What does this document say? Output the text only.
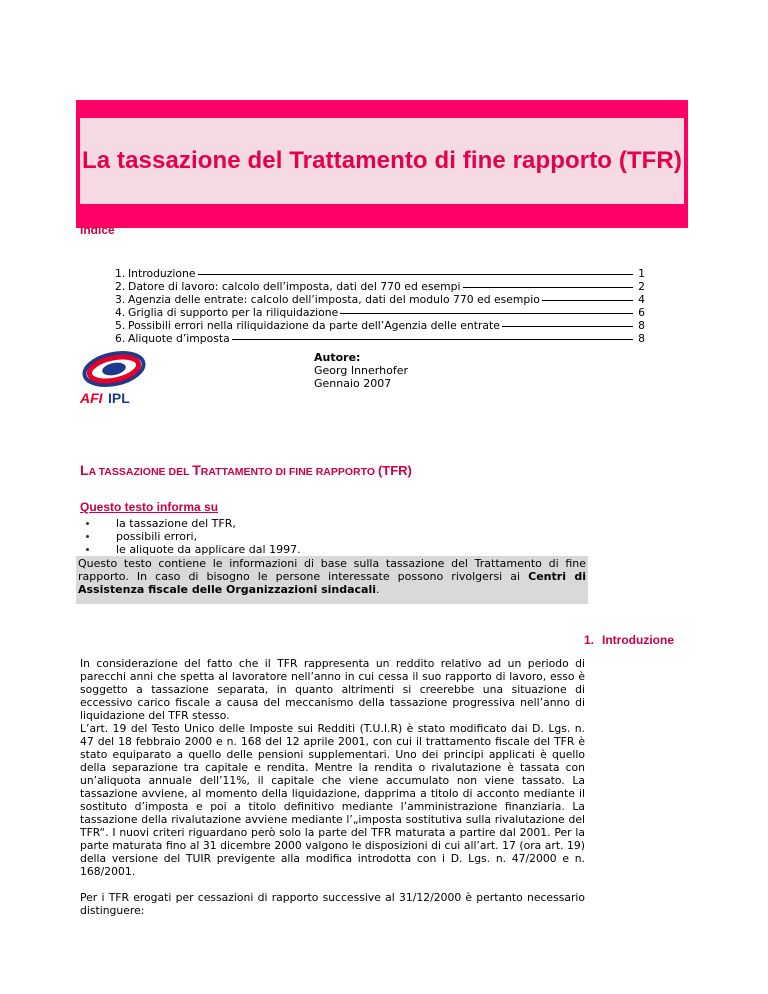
La tassazione del Trattamento di fine rapporto (TFR)
Indice
1. Introduzione	1
2. Datore di lavoro: calcolo dell’imposta, dati del 770 ed esempi	2
3. Agenzia delle entrate: calcolo dell’imposta, dati del modulo 770 ed esempio	4
4. Griglia di supporto per la riliquidazione	6
5. Possibili errori nella riliquidazione da parte dell’Agenzia delle entrate	8
6. Aliquote d’imposta	8
AFI IPL
Autore:
Georg Innerhofer
Gennaio 2007
LA TASSAZIONE DEL TRATTAMENTO DI FINE RAPPORTO (TFR)
Questo testo informa su
la tassazione del TFR,
possibili errori,
le aliquote da applicare dal 1997.
Questo testo contiene le informazioni di base sulla tassazione del Trattamento di fine rapporto. In caso di bisogno le persone interessate possono rivolgersi ai Centri di Assistenza fiscale delle Organizzazioni sindacali.
1. Introduzione

In considerazione del fatto che il TFR rappresenta un reddito relativo ad un periodo di parecchi anni che spetta al lavoratore nell’anno in cui cessa il suo rapporto di lavoro, esso è soggetto a tassazione separata, in quanto altrimenti si creerebbe una situazione di eccessivo carico fiscale a causa del meccanismo della tassazione progressiva nell’anno di liquidazione del TFR stesso.

L’art. 19 del Testo Unico delle Imposte sui Redditi (T.U.I.R) è stato modificato dai D. Lgs. n. 47 del 18 febbraio 2000 e n. 168 del 12 aprile 2001, con cui il trattamento fiscale del TFR è stato equiparato a quello delle pensioni supplementari. Uno dei principi applicati è quello della separazione tra capitale e rendita. Mentre la rendita o rivalutazione è tassata con un’aliquota annuale dell’11%, il capitale che viene accumulato non viene tassato. La tassazione avviene, al momento della liquidazione, dapprima a titolo di acconto mediante il sostituto d’imposta e poi a titolo definitivo mediante l’amministrazione finanziaria. La tassazione della rivalutazione avviene mediante l’„imposta sostitutiva sulla rivalutazione del TFR“. I nuovi criteri riguardano però solo la parte del TFR maturata a partire dal 2001. Per la parte maturata fino al 31 dicembre 2000 valgono le disposizioni di cui all’art. 17 (ora art. 19) della versione del TUIR previgente alla modifica introdotta con i D. Lgs. n. 47/2000 e n. 168/2001.

Per i TFR erogati per cessazioni di rapporto successive al 31/12/2000 è pertanto necessario distinguere:
